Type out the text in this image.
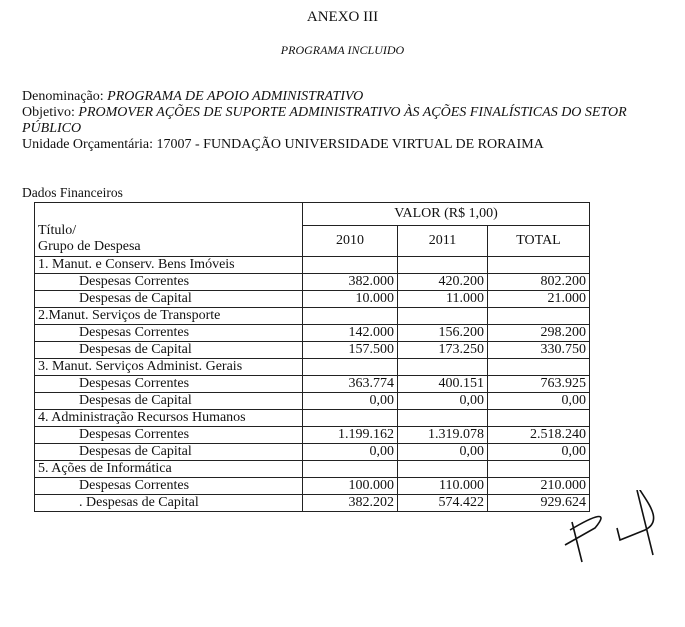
ANEXO III
PROGRAMA INCLUIDO
Denominação: PROGRAMA DE APOIO ADMINISTRATIVO
Objetivo: PROMOVER AÇÕES DE SUPORTE ADMINISTRATIVO ÀS AÇÕES FINALÍSTICAS DO SETOR
PÚBLICO
Unidade Orçamentária: 17007 - FUNDAÇÃO UNIVERSIDADE VIRTUAL DE RORAIMA
Dados Financeiros
Título/
Grupo de Despesa	VALOR (R$ 1,00)		
	2010	2011	TOTAL
1. Manut. e Conserv. Bens Imóveis			
Despesas Correntes	382.000	420.200	802.200
Despesas de Capital	10.000	11.000	21.000
2.Manut. Serviços de Transporte			
Despesas Correntes	142.000	156.200	298.200
Despesas de Capital	157.500	173.250	330.750
3. Manut. Serviços Administ. Gerais			
Despesas Correntes	363.774	400.151	763.925
Despesas de Capital	0,00	0,00	0,00
4. Administração Recursos Humanos			
Despesas Correntes	1.199.162	1.319.078	2.518.240
Despesas de Capital	0,00	0,00	0,00
5. Ações de Informática			
Despesas Correntes	100.000	110.000	210.000
. Despesas de Capital	382.202	574.422	929.624
